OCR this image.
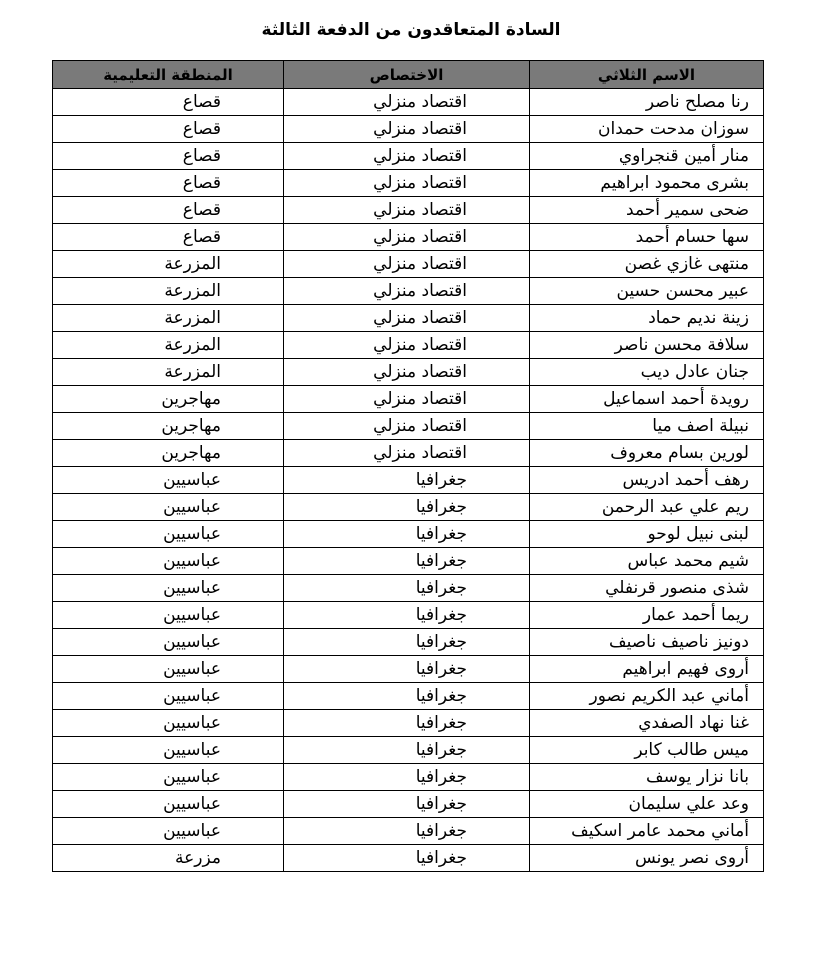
السادة المتعاقدون من الدفعة الثالثة
الاسم الثلاثي	الاختصاص	المنطقة التعليمية
رنا مصلح ناصر	اقتصاد منزلي	قصاع
سوزان مدحت حمدان	اقتصاد منزلي	قصاع
منار أمين قنجراوي	اقتصاد منزلي	قصاع
بشرى محمود ابراهيم	اقتصاد منزلي	قصاع
ضحى سمير أحمد	اقتصاد منزلي	قصاع
سها حسام أحمد	اقتصاد منزلي	قصاع
منتهى غازي غصن	اقتصاد منزلي	المزرعة
عبير محسن حسين	اقتصاد منزلي	المزرعة
زينة نديم حماد	اقتصاد منزلي	المزرعة
سلافة محسن ناصر	اقتصاد منزلي	المزرعة
جنان عادل ديب	اقتصاد منزلي	المزرعة
رويدة أحمد اسماعيل	اقتصاد منزلي	مهاجرين
نبيلة اصف ميا	اقتصاد منزلي	مهاجرين
لورين بسام معروف	اقتصاد منزلي	مهاجرين
رهف أحمد ادريس	جغرافيا	عباسيين
ريم علي عبد الرحمن	جغرافيا	عباسيين
لبنى نبيل لوحو	جغرافيا	عباسيين
شيم محمد عباس	جغرافيا	عباسيين
شذى منصور قرنفلي	جغرافيا	عباسيين
ريما أحمد عمار	جغرافيا	عباسيين
دونيز ناصيف ناصيف	جغرافيا	عباسيين
أروى فهيم ابراهيم	جغرافيا	عباسيين
أماني عبد الكريم نصور	جغرافيا	عباسيين
غنا نهاد الصفدي	جغرافيا	عباسيين
ميس طالب كابر	جغرافيا	عباسيين
بانا نزار يوسف	جغرافيا	عباسيين
وعد علي سليمان	جغرافيا	عباسيين
أماني محمد عامر اسكيف	جغرافيا	عباسيين
أروى نصر يونس	جغرافيا	مزرعة
